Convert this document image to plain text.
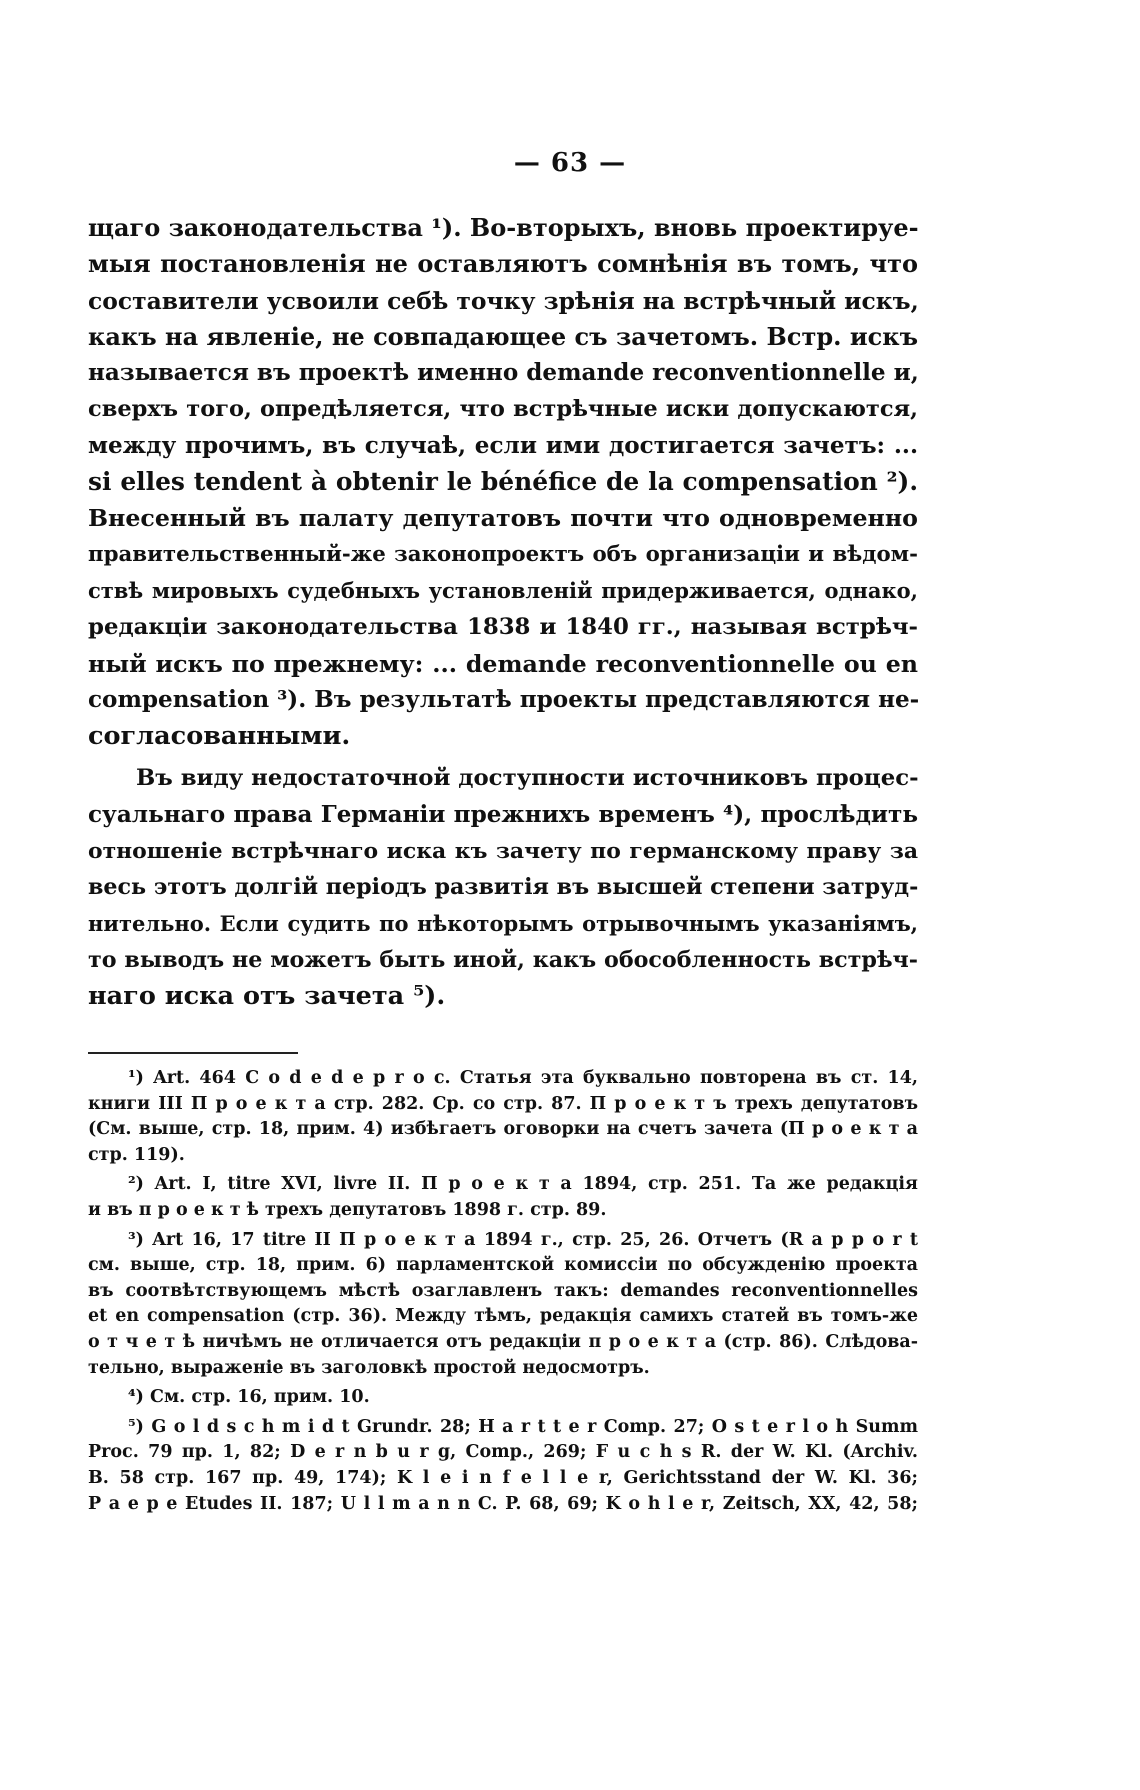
— 63 —
щаго законодательства ¹). Во-вторыхъ, вновь проектируе-
мыя постановленія не оставляютъ сомнѣнія въ томъ, что
составители усвоили себѣ точку зрѣнія на встрѣчный искъ,
какъ на явленіе, не совпадающее съ зачетомъ. Встр. искъ
называется въ проектѣ именно demande reconventionnelle и,
сверхъ того, опредѣляется, что встрѣчные иски допускаются,
между прочимъ, въ случаѣ, если ими достигается зачетъ: ...
si elles tendent à obtenir le bénéfice de la compensation ²).
Внесенный въ палату депутатовъ почти что одновременно
правительственный-же законопроектъ объ организаціи и вѣдом-
ствѣ мировыхъ судебныхъ установленій придерживается, однако,
редакціи законодательства 1838 и 1840 гг., называя встрѣч-
ный искъ по прежнему: ... demande reconventionnelle ou en
compensation ³). Въ результатѣ проекты представляются не-
согласованными.
Въ виду недостаточной доступности источниковъ процес-
суальнаго права Германіи прежнихъ временъ ⁴), прослѣдить
отношеніе встрѣчнаго иска къ зачету по германскому праву за
весь этотъ долгій періодъ развитія въ высшей степени затруд-
нительно. Если судить по нѣкоторымъ отрывочнымъ указаніямъ,
то выводъ не можетъ быть иной, какъ обособленность встрѣч-
наго иска отъ зачета ⁵).
¹) Art. 464 C o d e d e p r o c. Статья эта буквально повторена въ ст. 14,
книги III П р о е к т а стр. 282. Ср. со стр. 87. П р о е к т ъ трехъ депутатовъ
(См. выше, стр. 18, прим. 4) избѣгаетъ оговорки на счетъ зачета (П р о е к т а
стр. 119).
²) Art. I, titre XVI, livre II. П р о е к т а 1894, стр. 251. Та же редакція
и въ п р о е к т ѣ трехъ депутатовъ 1898 г. стр. 89.
³) Art 16, 17 titre II П р о е к т а 1894 г., стр. 25, 26. Отчетъ (R a p p o r t
см. выше, стр. 18, прим. 6) парламентской комиссіи по обсужденію проекта
въ соотвѣтствующемъ мѣстѣ озаглавленъ такъ: demandes reconventionnelles
et en compensation (стр. 36). Между тѣмъ, редакція самихъ статей въ томъ-же
о т ч е т ѣ ничѣмъ не отличается отъ редакціи п р о е к т а (стр. 86). Слѣдова-
тельно, выраженіе въ заголовкѣ простой недосмотръ.
⁴) См. стр. 16, прим. 10.
⁵) G o l d s c h m i d t Grundr. 28; H a r t t e r Comp. 27; O s t e r l o h Summ
Proc. 79 пр. 1, 82; D e r n b u r g, Comp., 269; F u c h s R. der W. Kl. (Archiv.
B. 58 стр. 167 пр. 49, 174); K l e i n f e l l e r, Gerichtsstand der W. Kl. 36;
P a e p e Etudes II. 187; U l l m a n n C. P. 68, 69; K o h l e r, Zeitsch, XX, 42, 58;
